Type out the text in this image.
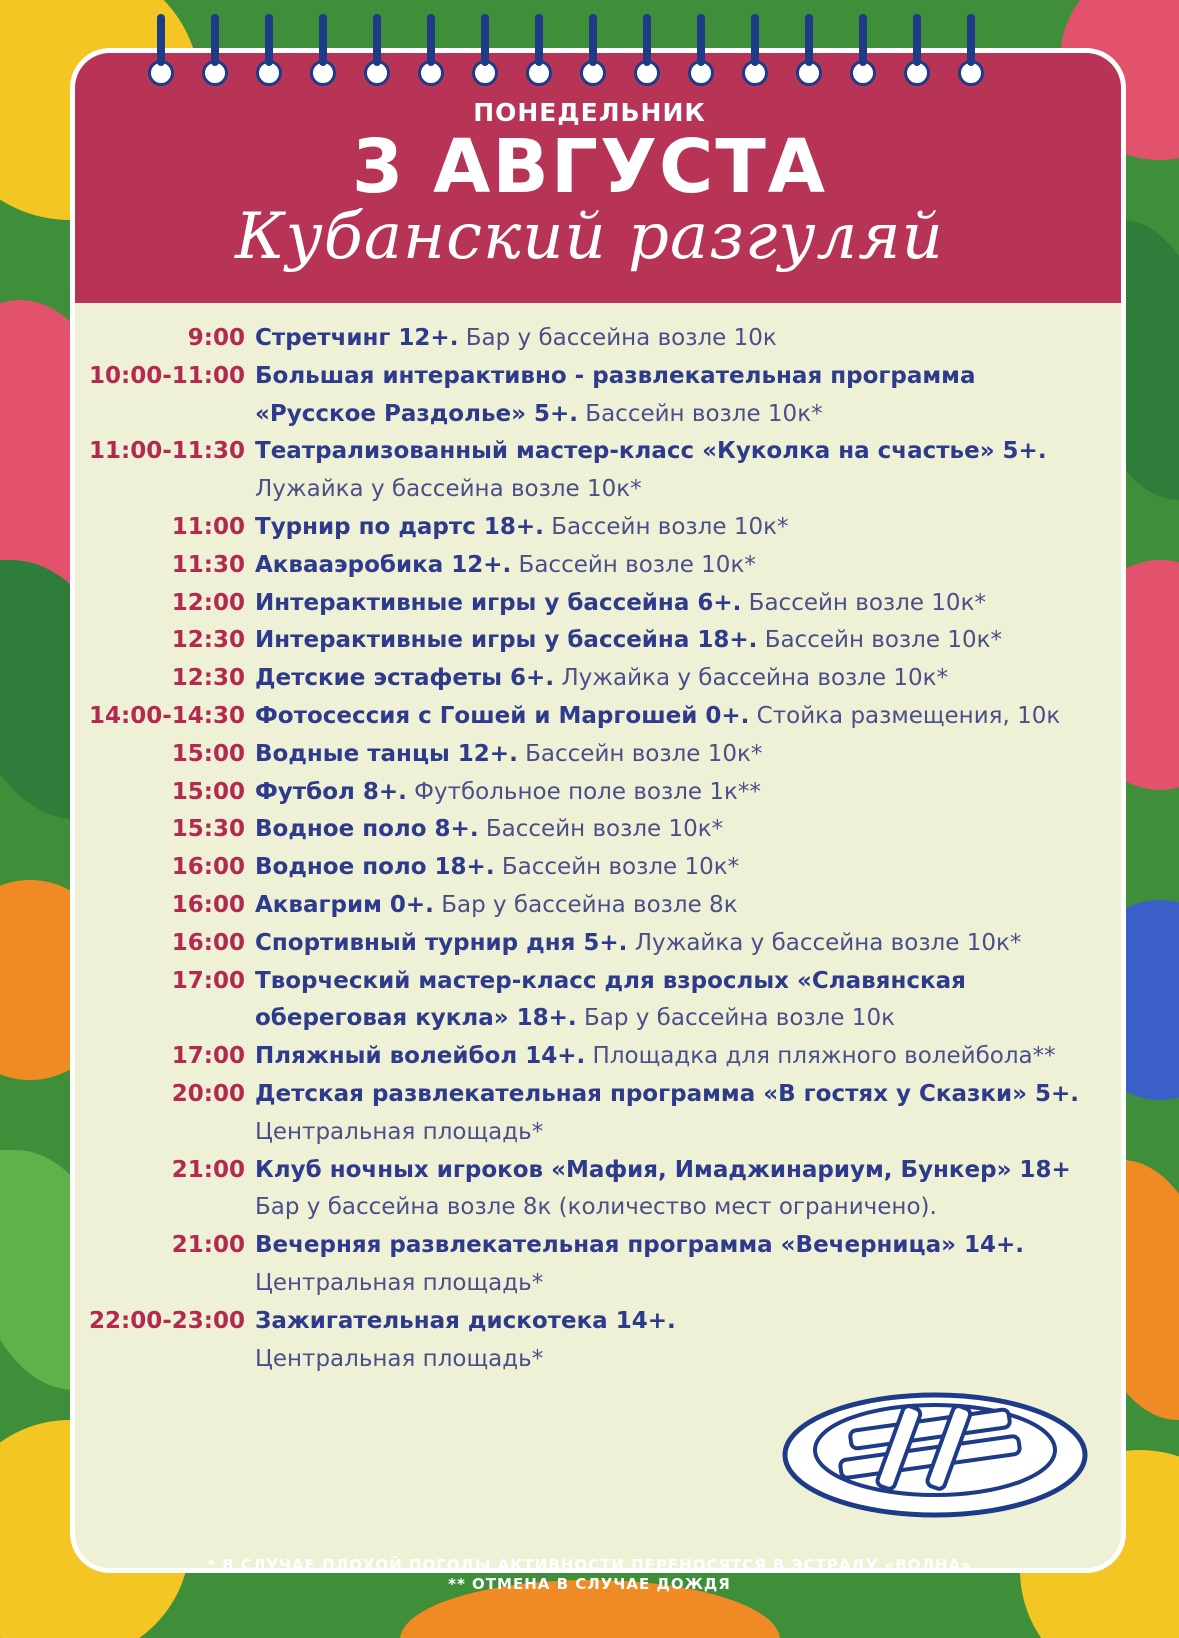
ПОНЕДЕЛЬНИК
3 АВГУСТА
Кубанский разгуляй
9:00 Стретчинг 12+. Бар у бассейна возле 10к
10:00-11:00 Большая интерактивно - развлекательная программа
«Русское Раздолье» 5+. Бассейн возле 10к*
11:00-11:30 Театрализованный мастер-класс «Куколка на счастье» 5+.
Лужайка у бассейна возле 10к*
11:00 Турнир по дартс 18+. Бассейн возле 10к*
11:30 Аквааэробика 12+. Бассейн возле 10к*
12:00 Интерактивные игры у бассейна 6+. Бассейн возле 10к*
12:30 Интерактивные игры у бассейна 18+. Бассейн возле 10к*
12:30 Детские эстафеты 6+. Лужайка у бассейна возле 10к*
14:00-14:30 Фотосессия с Гошей и Маргошей 0+. Стойка размещения, 10к
15:00 Водные танцы 12+. Бассейн возле 10к*
15:00 Футбол 8+. Футбольное поле возле 1к**
15:30 Водное поло 8+. Бассейн возле 10к*
16:00 Водное поло 18+. Бассейн возле 10к*
16:00 Аквагрим 0+. Бар у бассейна возле 8к
16:00 Спортивный турнир дня 5+. Лужайка у бассейна возле 10к*
17:00 Творческий мастер-класс для взрослых «Славянская
обереговая кукла» 18+. Бар у бассейна возле 10к
17:00 Пляжный волейбол 14+. Площадка для пляжного волейбола**
20:00 Детская развлекательная программа «В гостях у Сказки» 5+.
Центральная площадь*
21:00 Клуб ночных игроков «Мафия, Имаджинариум, Бункер» 18+
Бар у бассейна возле 8к (количество мест ограничено).
21:00 Вечерняя развлекательная программа «Вечерница» 14+.
Центральная площадь*
22:00-23:00 Зажигательная дискотека 14+.
Центральная площадь*
* В СЛУЧАЕ ПЛОХОЙ ПОГОДЫ АКТИВНОСТИ ПЕРЕНОСЯТСЯ В ЭСТРАДУ «ВОЛНА»
** ОТМЕНА В СЛУЧАЕ ДОЖДЯ
